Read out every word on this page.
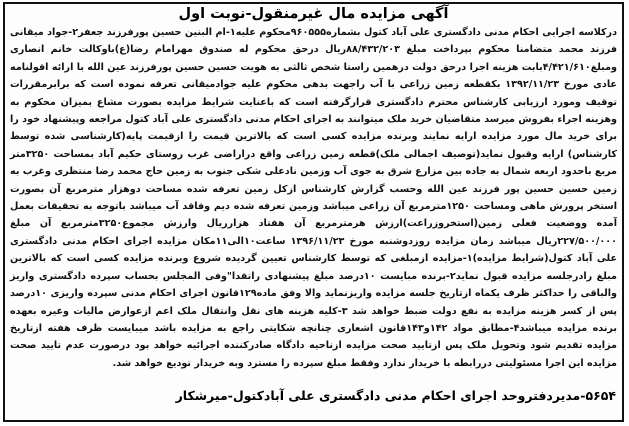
آگهی مزایده مال غیرمنقول-نوبت اول

درکلاسه اجرایی احکام مدنی دادگستری علی آباد کتول بشماره۹۶۰۵۵۵محکوم علیه۱-ام البنین حسین پورفرزند جعفر۲-جواد میقانی فرزند محمد متضامنا محکوم بپرداخت مبلغ ۸۸/۴۳۲/۲۰۳ریال درحق محکوم له صندوق مهرامام رضا(ع)باوکالت خانم انصاری ومبلغ۴/۴۲۱/۶۱۰بابت هزینه اجرا درحق دولت درهمین راستا شخص ثالثی به هویت حسین حسین پورفرزند عین الله با ارائه اقولنامه عادی مورخ ۱۳۹۲/۱۱/۲۳ بکقطعه زمین زراعی با آب راجهت بدهی محکوم علیه جوادمیقانی تعرفه نموده است که برابرمقررات توقیف ومورد ارزیابی کارشناس محترم دادگستری قرارگرفته است که باعنایت شرایط مزایده بصورت مشاع بمیزان محکوم به وهزینه اجراء بفروش میرسد متقاضیان خرید ملک میتوانند به اجرای احکام مدنی دادگستری علی آباد کتول مراجعه وپیشنهاد خود را برای خرید مال مورد مزایده ارایه نمایند وبرنده مزایده کسی است که بالاترین قیمت را ازقیمت پایه(کارشناسی شده توسط کارشناس) ارایه وقبول نماید(توصیف اجمالی ملک)قطعه زمین زراعی واقع دراراضی غرب روستای حکیم آباد بمساحت ۳۲۵۰متر مربع باحدود اربعه شمال به جاده بین مزارع شرق به جوی آب وزمین نادعلی شکی جنوب به زمین حاج محمد رضا منتظری وغرب به زمین حسین حسین پور فرزند عین الله وحسب گزارش کارشناس ازکل زمین تعرفه شده مساحت دوهزار مترمربع آن بصورت استخر پرورش ماهی ومساحت ۱۲۵۰مترمربع آن زراعی میباشد وزمین تعرفه شده دیم وفاقد آب میباشد باتوجه به تحقیقات بعمل آمده ووضعیت فعلی زمین(استخروزراعت)ارزش هرمترمربع آن هفتاد هزارریال وارزش مجموع۳۲۵۰مترمربع آن مبلغ ۲۲۷/۵۰۰/۰۰۰ریال میباشد زمان مزایده روزدوشنبه مورخ ۱۳۹۶/۱۱/۲۳ ساعت۱۰الی۱۱مکان مزایده اجرای احکام مدنی دادگستری علی آباد کتول(شرایط مزایده)۱-مزایده ازمبلغی که توسط کارشناس تعیین گردیده شروع وبرنده مزایده کسی است که بالاترین مبلغ رادرجلسه مزایده قبول نماید۲-برنده مبایست ۱۰درصد مبلغ پیشنهادی راتقدا"وفی المجلس بحساب سپرده دادگستری واریز والباقی را حداکثر ظرف یکماه ازتاریخ جلسه مزایده واریزنماید والا وفق ماده۱۲۹قانون اجرای احکام مدنی سپرده واریزی ۱۰درصد پس از کسر هزینه مزایده به نفع دولت ضبط خواهد شد ۳-کلیه هزینه های نقل وانتقال ملک اعم ازعوارض مالیات وغیره بعهده برنده مزایده میباشد۴-مطابق مواد ۱۴۲و۱۴۳قانون اشعاری چنانچه شکایتی راجع به مزایده باشد میبایست ظرف هفته ازتاریخ مزایده تقدیم شود وتحویل ملک پس ازتایید صحت مزایده ازناحیه دادگاه صادرکننده اجرائیه خواهد بود درصورت عدم تایید صحت مزایده این اجرا مسئولیتی دررابطه با خریدار ندارد وفقط مبلغ سپرده را مسترد وبه خریدار تودیع خواهد شد.

۵۶۵۴-مدیردفتروحد اجرای احکام مدنی دادگستری علی آبادکتول-میرشکار
